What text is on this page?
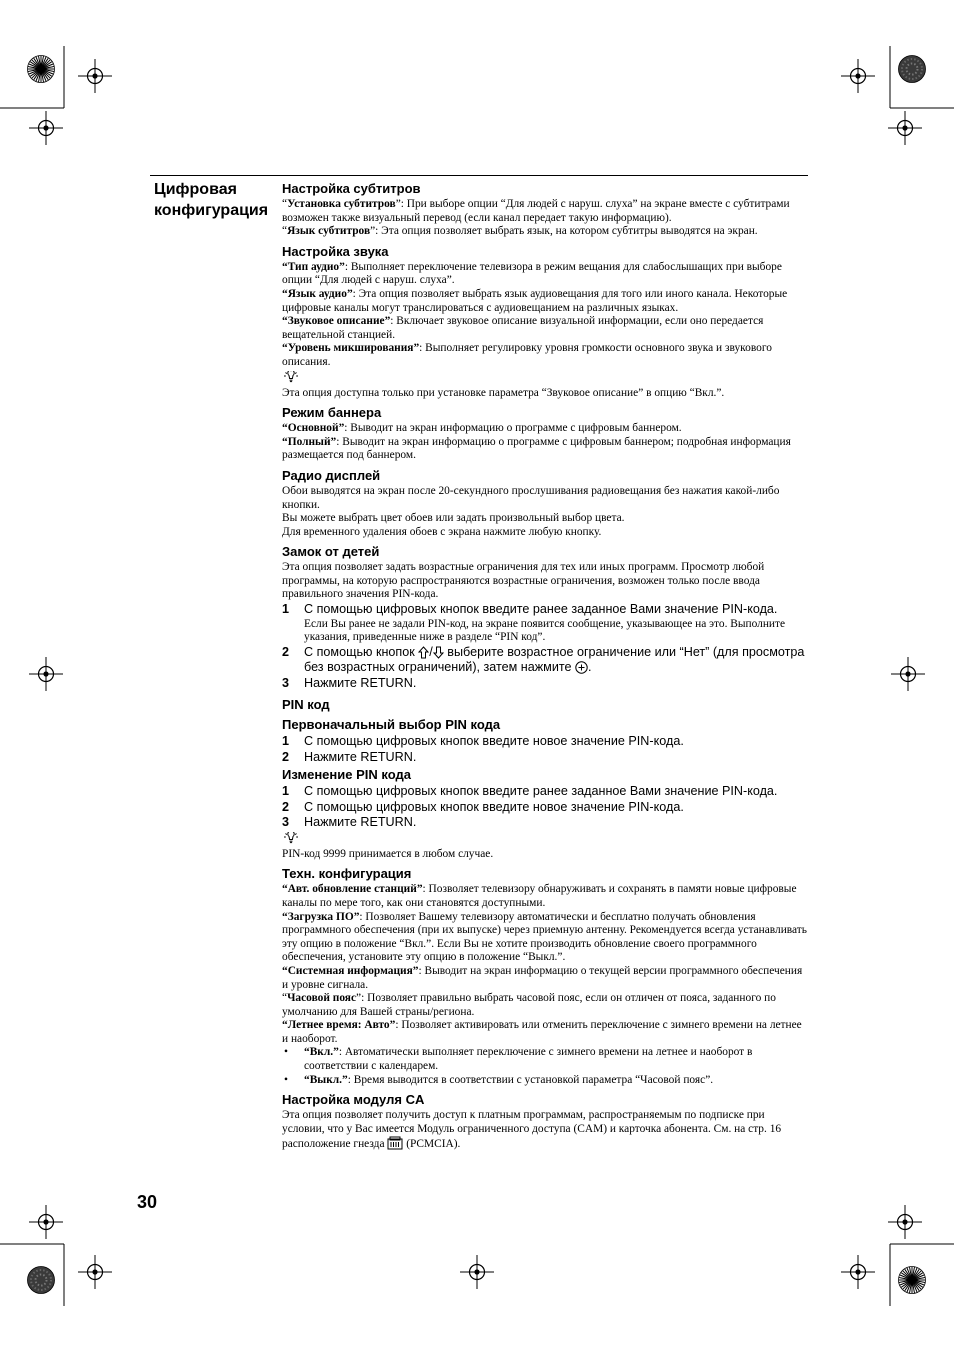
Цифровая конфигурация
Настройка субтитров

“Установка субтитров”: При выборе опции “Для людей с наруш. слуха” на экране вместе с субтитрами возможен также визуальный перевод (если канал передает такую информацию).

“Язык субтитров”: Эта опция позволяет выбрать язык, на котором субтитры выводятся на экран.

Настройка звука

“Тип аудио”: Выполняет переключение телевизора в режим вещания для слабослышащих при выборе опции “Для людей с наруш. слуха”.

“Язык аудио”: Эта опция позволяет выбрать язык аудиовещания для того или иного канала. Некоторые цифровые каналы могут транслироваться с аудиовещанием на различных языках.

“Звуковое описание”: Включает звуковое описание визуальной информации, если оно передается вещательной станцией.

“Уровень микширования”: Выполняет регулировку уровня громкости основного звука и звукового описания.

Эта опция доступна только при установке параметра “Звуковое описание” в опцию “Вкл.”.

Режим баннера

“Основной”: Выводит на экран информацию о программе с цифровым баннером.

“Полный”: Выводит на экран информацию о программе с цифровым баннером; подробная информация размещается под баннером.

Радио дисплей

Обои выводятся на экран после 20-секундного прослушивания радиовещания без нажатия какой-либо кнопки.

Вы можете выбрать цвет обоев или задать произвольный выбор цвета.

Для временного удаления обоев с экрана нажмите любую кнопку.

Замок от детей

Эта опция позволяет задать возрастные ограничения для тех или иных программ. Просмотр любой программы, на которую распространяются возрастные ограничения, возможен только после ввода правильного значения PIN-кода.

1 С помощью цифровых кнопок введите ранее заданное Вами значение PIN-кода.
Если Вы ранее не задали PIN-код, на экране появится сообщение, указывающее на это. Выполните указания, приведенные ниже в разделе “PIN код”.
2 С помощью кнопок / выберите возрастное ограничение или “Нет” (для просмотра без возрастных ограничений), затем нажмите .
3 Нажмите RETURN.
PIN код
Первоначальный выбор PIN кода
1 С помощью цифровых кнопок введите новое значение PIN-кода.
2 Нажмите RETURN.
Изменение PIN кода
1 С помощью цифровых кнопок введите ранее заданное Вами значение PIN-кода.
2 С помощью цифровых кнопок введите новое значение PIN-кода.
3 Нажмите RETURN.

PIN-код 9999 принимается в любом случае.

Техн. конфигурация

“Авт. обновление станций”: Позволяет телевизору обнаруживать и сохранять в памяти новые цифровые каналы по мере того, как они становятся доступными.

“Загрузка ПО”: Позволяет Вашему телевизору автоматически и бесплатно получать обновления программного обеспечения (при их выпуске) через приемную антенну. Рекомендуется всегда устанавливать эту опцию в положение “Вкл.”. Если Вы не хотите производить обновление своего программного обеспечения, установите эту опцию в положение “Выкл.”.

“Системная информация”: Выводит на экран информацию о текущей версии программного обеспечения и уровне сигнала.

“Часовой пояс”: Позволяет правильно выбрать часовой пояс, если он отличен от пояса, заданного по умолчанию для Вашей страны/региона.

“Летнее время: Авто”: Позволяет активировать или отменить переключение с зимнего времени на летнее и наоборот.

• “Вкл.”: Автоматически выполняет переключение с зимнего времени на летнее и наоборот в соответствии с календарем.
• “Выкл.”: Время выводится в соответствии с установкой параметра “Часовой пояс”.
Настройка модуля CA

Эта опция позволяет получить доступ к платным программам, распространяемым по подписке при условии, что у Вас имеется Модуль ограниченного доступа (CAM) и карточка абонента. См. на стр. 16 расположение гнезда (PCMCIA).

30
